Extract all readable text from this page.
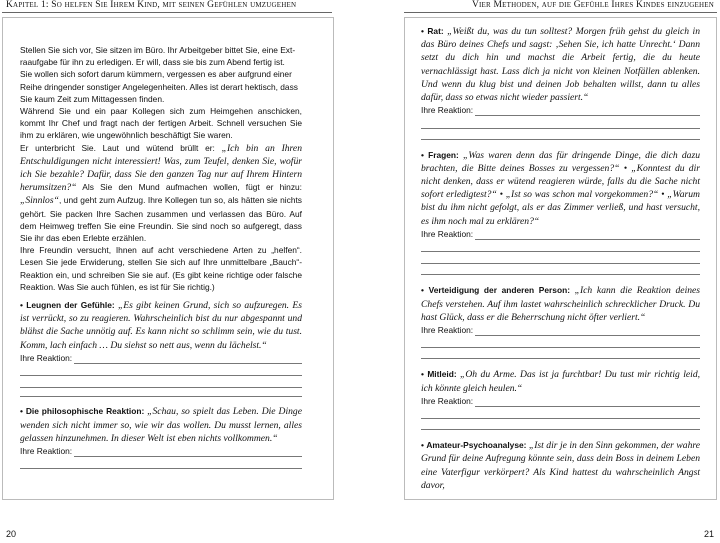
Kapitel 1: So helfen Sie Ihrem Kind, mit seinen Gefühlen umzugehen	Vier Methoden, auf die Gefühle Ihres Kindes einzugehen

Stellen Sie sich vor, Sie sitzen im Büro. Ihr Arbeitgeber bittet Sie, eine Ext-

raaufgabe für ihn zu erledigen. Er will, dass sie bis zum Abend fertig ist.

Sie wollen sich sofort darum kümmern, vergessen es aber aufgrund einer

Reihe dringender sonstiger Angelegenheiten. Alles ist derart hektisch, dass

Sie kaum Zeit zum Mittagessen finden.

Während Sie und ein paar Kollegen sich zum Heimgehen anschicken, kommt Ihr Chef und fragt nach der fertigen Arbeit. Schnell versuchen Sie ihm zu erklären, wie ungewöhnlich beschäftigt Sie waren.

Er unterbricht Sie. Laut und wütend brüllt er: „Ich bin an Ihren Entschuldigungen nicht interessiert! Was, zum Teufel, denken Sie, wofür ich Sie bezahle? Dafür, dass Sie den ganzen Tag nur auf Ihrem Hintern herumsitzen?“ Als Sie den Mund aufmachen wollen, fügt er hinzu: „Sinnlos“, und geht zum Aufzug. Ihre Kollegen tun so, als hätten sie nichts gehört. Sie packen Ihre Sachen zusammen und verlassen das Büro. Auf dem Heimweg treffen Sie eine Freundin. Sie sind noch so aufgeregt, dass Sie ihr das eben Erlebte erzählen.

Ihre Freundin versucht, Ihnen auf acht verschiedene Arten zu „helfen“. Lesen Sie jede Erwiderung, stellen Sie sich auf Ihre unmittelbare „Bauch“-Reaktion ein, und schreiben Sie sie auf. (Es gibt keine richtige oder falsche Reaktion. Was Sie auch fühlen, es ist für Sie richtig.)

• Leugnen der Gefühle: „Es gibt keinen Grund, sich so aufzuregen. Es ist verrückt, so zu reagieren. Wahrscheinlich bist du nur abgespannt und blähst die Sache unnötig auf. Es kann nicht so schlimm sein, wie du tust. Komm, lach einfach … Du siehst so nett aus, wenn du lächelst.“

Ihre Reaktion:

• Die philosophische Reaktion: „Schau, so spielt das Leben. Die Dinge wenden sich nicht immer so, wie wir das wollen. Du musst lernen, alles gelassen hinzunehmen. In dieser Welt ist eben nichts vollkommen.“

Ihre Reaktion:

• Rat: „Weißt du, was du tun solltest? Morgen früh gehst du gleich in das Büro deines Chefs und sagst: ‚Sehen Sie, ich hatte Unrecht.‘ Dann setzt du dich hin und machst die Arbeit fertig, die du heute vernachlässigt hast. Lass dich ja nicht von kleinen Notfällen ablenken. Und wenn du klug bist und deinen Job behalten willst, dann tu alles dafür, dass so etwas nicht wieder passiert.“

Ihre Reaktion:

• Fragen: „Was waren denn das für dringende Dinge, die dich dazu brachten, die Bitte deines Bosses zu vergessen?“ • „Konntest du dir nicht denken, dass er wütend reagieren würde, falls du die Sache nicht sofort erledigtest?“ • „Ist so was schon mal vorgekommen?“ • „Warum bist du ihm nicht gefolgt, als er das Zimmer verließ, und hast versucht, es ihm noch mal zu erklären?“

Ihre Reaktion:

• Verteidigung der anderen Person: „Ich kann die Reaktion deines Chefs verstehen. Auf ihm lastet wahrscheinlich schrecklicher Druck. Du hast Glück, dass er die Beherrschung nicht öfter verliert.“

Ihre Reaktion:

• Mitleid: „Oh du Arme. Das ist ja furchtbar! Du tust mir richtig leid, ich könnte gleich heulen.“

Ihre Reaktion:

• Amateur-Psychoanalyse: „Ist dir je in den Sinn gekommen, der wahre Grund für deine Aufregung könnte sein, dass dein Boss in deinem Leben eine Vaterfigur verkörpert? Als Kind hattest du wahrscheinlich Angst davor,

20	21
